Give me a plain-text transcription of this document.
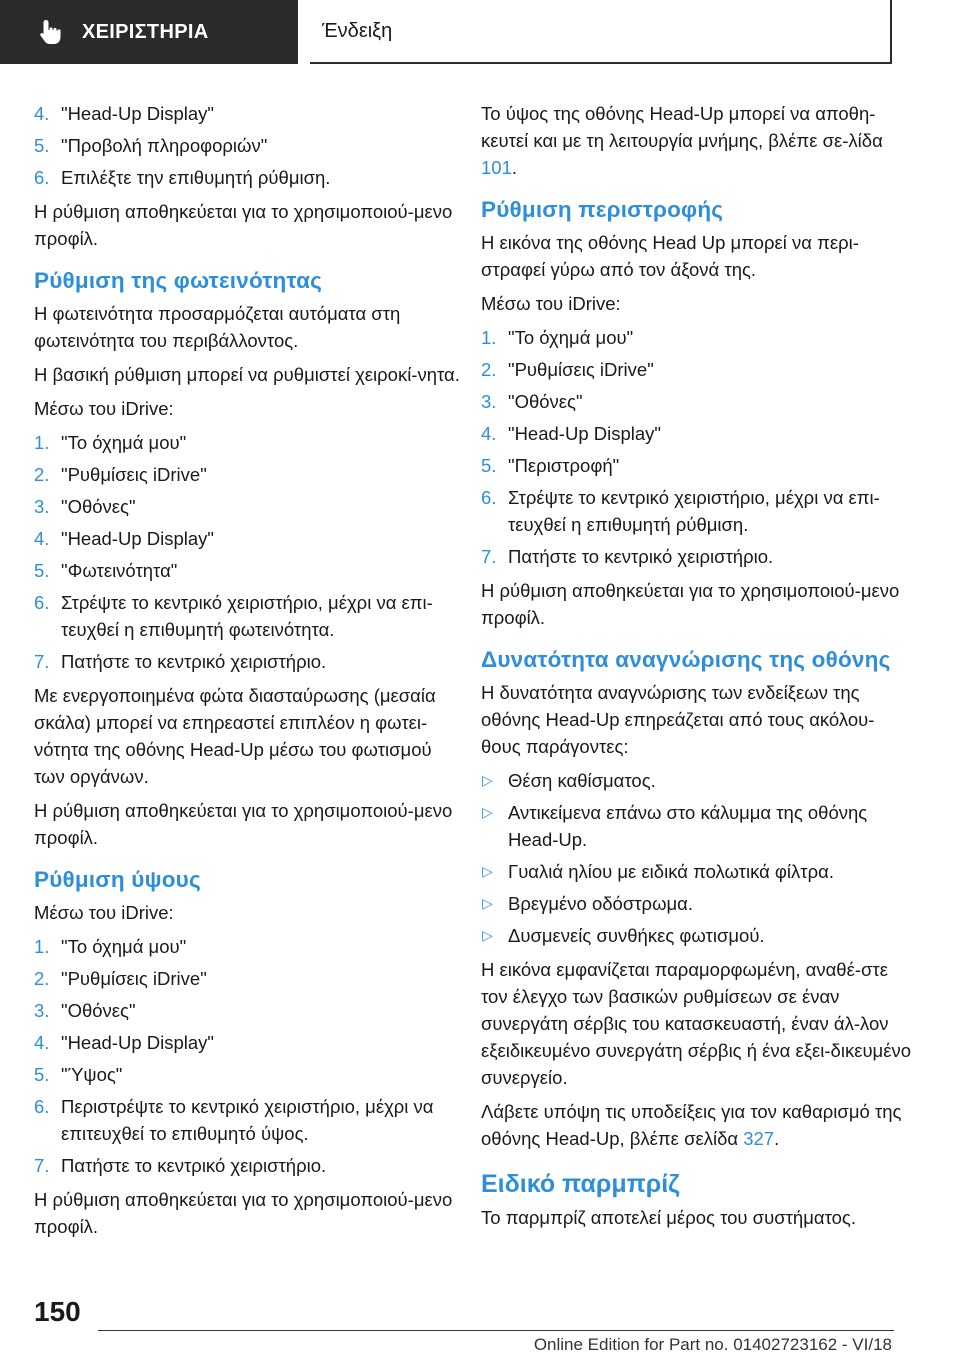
ΧΕΙΡΙΣΤΗΡΙΑ	Ένδειξη
4. "Head-Up Display"
5. "Προβολή πληροφοριών"
6. Επιλέξτε την επιθυμητή ρύθμιση.

Η ρύθμιση αποθηκεύεται για το χρησιμοποιού-μενο προφίλ.

Ρύθμιση της φωτεινότητας

Η φωτεινότητα προσαρμόζεται αυτόματα στη φωτεινότητα του περιβάλλοντος.

Η βασική ρύθμιση μπορεί να ρυθμιστεί χειροκί-νητα.

Μέσω του iDrive:

1. "Το όχημά μου"
2. "Ρυθμίσεις iDrive"
3. "Οθόνες"
4. "Head-Up Display"
5. "Φωτεινότητα"
6. Στρέψτε το κεντρικό χειριστήριο, μέχρι να επι-τευχθεί η επιθυμητή φωτεινότητα.
7. Πατήστε το κεντρικό χειριστήριο.

Με ενεργοποιημένα φώτα διασταύρωσης (μεσαία σκάλα) μπορεί να επηρεαστεί επιπλέον η φωτει-νότητα της οθόνης Head-Up μέσω του φωτισμού των οργάνων.

Η ρύθμιση αποθηκεύεται για το χρησιμοποιού-μενο προφίλ.

Ρύθμιση ύψους

Μέσω του iDrive:

1. "Το όχημά μου"
2. "Ρυθμίσεις iDrive"
3. "Οθόνες"
4. "Head-Up Display"
5. "Ύψος"
6. Περιστρέψτε το κεντρικό χειριστήριο, μέχρι να επιτευχθεί το επιθυμητό ύψος.
7. Πατήστε το κεντρικό χειριστήριο.

Η ρύθμιση αποθηκεύεται για το χρησιμοποιού-μενο προφίλ.

Το ύψος της οθόνης Head-Up μπορεί να αποθη-κευτεί και με τη λειτουργία μνήμης, βλέπε σε-λίδα 101.

Ρύθμιση περιστροφής

Η εικόνα της οθόνης Head Up μπορεί να περι-στραφεί γύρω από τον άξονά της.

Μέσω του iDrive:

1. "Το όχημά μου"
2. "Ρυθμίσεις iDrive"
3. "Οθόνες"
4. "Head-Up Display"
5. "Περιστροφή"
6. Στρέψτε το κεντρικό χειριστήριο, μέχρι να επι-τευχθεί η επιθυμητή ρύθμιση.
7. Πατήστε το κεντρικό χειριστήριο.

Η ρύθμιση αποθηκεύεται για το χρησιμοποιού-μενο προφίλ.

Δυνατότητα αναγνώρισης της οθόνης

Η δυνατότητα αναγνώρισης των ενδείξεων της οθόνης Head-Up επηρεάζεται από τους ακόλου-θους παράγοντες:

▷ Θέση καθίσματος.
▷ Αντικείμενα επάνω στο κάλυμμα της οθόνης Head-Up.
▷ Γυαλιά ηλίου με ειδικά πολωτικά φίλτρα.
▷ Βρεγμένο οδόστρωμα.
▷ Δυσμενείς συνθήκες φωτισμού.

Η εικόνα εμφανίζεται παραμορφωμένη, αναθέ-στε τον έλεγχο των βασικών ρυθμίσεων σε έναν συνεργάτη σέρβις του κατασκευαστή, έναν άλ-λον εξειδικευμένο συνεργάτη σέρβις ή ένα εξει-δικευμένο συνεργείο.

Λάβετε υπόψη τις υποδείξεις για τον καθαρισμό της οθόνης Head-Up, βλέπε σελίδα 327.

Ειδικό παρμπρίζ

Το παρμπρίζ αποτελεί μέρος του συστήματος.

150
Online Edition for Part no. 01402723162 - VI/18
